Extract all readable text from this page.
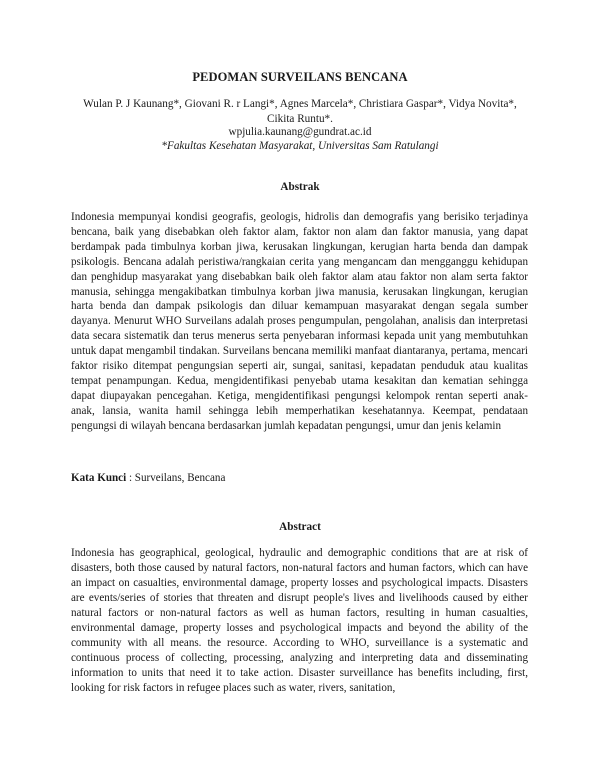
PEDOMAN SURVEILANS BENCANA
Wulan P. J Kaunang*, Giovani R. r Langi*, Agnes Marcela*, Christiara Gaspar*, Vidya Novita*, Cikita Runtu*.
wpjulia.kaunang@gundrat.ac.id
*Fakultas Kesehatan Masyarakat, Universitas Sam Ratulangi
Abstrak

Indonesia mempunyai kondisi geografis, geologis, hidrolis dan demografis yang berisiko terjadinya bencana, baik yang disebabkan oleh faktor alam, faktor non alam dan faktor manusia, yang dapat berdampak pada timbulnya korban jiwa, kerusakan lingkungan, kerugian harta benda dan dampak psikologis. Bencana adalah peristiwa/rangkaian cerita yang mengancam dan mengganggu kehidupan dan penghidup masyarakat yang disebabkan baik oleh faktor alam atau faktor non alam serta faktor manusia, sehingga mengakibatkan timbulnya korban jiwa manusia, kerusakan lingkungan, kerugian harta benda dan dampak psikologis dan diluar kemampuan masyarakat dengan segala sumber dayanya. Menurut WHO Surveilans adalah proses pengumpulan, pengolahan, analisis dan interpretasi data secara sistematik dan terus menerus serta penyebaran informasi kepada unit yang membutuhkan untuk dapat mengambil tindakan. Surveilans bencana memiliki manfaat diantaranya, pertama, mencari faktor risiko ditempat pengungsian seperti air, sungai, sanitasi, kepadatan penduduk atau kualitas tempat penampungan. Kedua, mengidentifikasi penyebab utama kesakitan dan kematian sehingga dapat diupayakan pencegahan. Ketiga, mengidentifikasi pengungsi kelompok rentan seperti anak-anak, lansia, wanita hamil sehingga lebih memperhatikan kesehatannya. Keempat, pendataan pengungsi di wilayah bencana berdasarkan jumlah kepadatan pengungsi, umur dan jenis kelamin

Kata Kunci : Surveilans, Bencana
Abstract

Indonesia has geographical, geological, hydraulic and demographic conditions that are at risk of disasters, both those caused by natural factors, non-natural factors and human factors, which can have an impact on casualties, environmental damage, property losses and psychological impacts. Disasters are events/series of stories that threaten and disrupt people's lives and livelihoods caused by either natural factors or non-natural factors as well as human factors, resulting in human casualties, environmental damage, property losses and psychological impacts and beyond the ability of the community with all means. the resource. According to WHO, surveillance is a systematic and continuous process of collecting, processing, analyzing and interpreting data and disseminating information to units that need it to take action. Disaster surveillance has benefits including, first, looking for risk factors in refugee places such as water, rivers, sanitation,
